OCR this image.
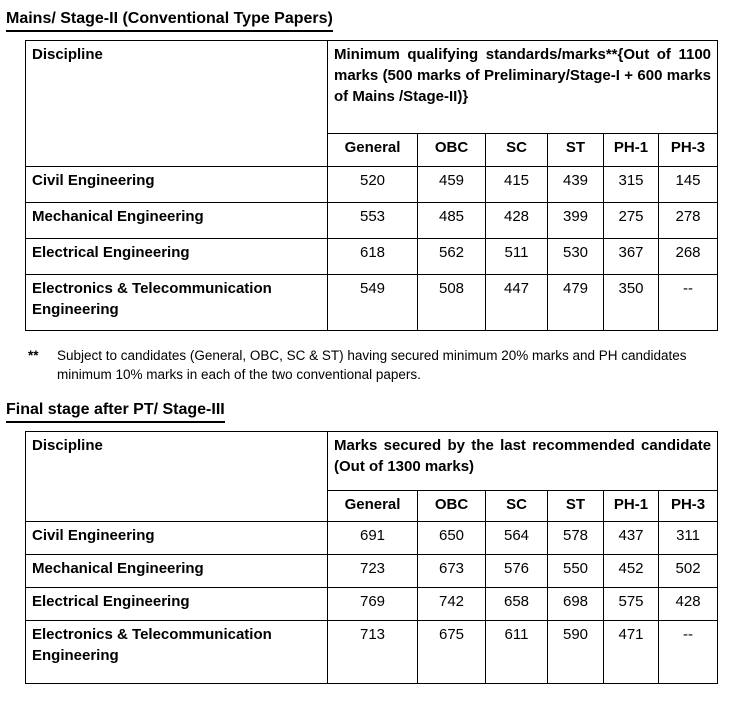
Mains/ Stage-II (Conventional Type Papers)
Discipline	Minimum qualifying standards/marks**{Out of 1100 marks (500 marks of Preliminary/Stage-I + 600 marks of Mains /Stage-II)}					
	General	OBC	SC	ST	PH-1	PH-3
Civil Engineering	520	459	415	439	315	145
Mechanical Engineering	553	485	428	399	275	278
Electrical Engineering	618	562	511	530	367	268
Electronics & Telecommunication Engineering	549	508	447	479	350	--
**	Subject to candidates (General, OBC, SC & ST) having secured minimum 20% marks and PH candidates minimum 10% marks in each of the two conventional papers.
Final stage after PT/ Stage-III
Discipline	Marks secured by the last recommended candidate (Out of 1300 marks)					
	General	OBC	SC	ST	PH-1	PH-3
Civil Engineering	691	650	564	578	437	311
Mechanical Engineering	723	673	576	550	452	502
Electrical Engineering	769	742	658	698	575	428
Electronics & Telecommunication Engineering	713	675	611	590	471	--
